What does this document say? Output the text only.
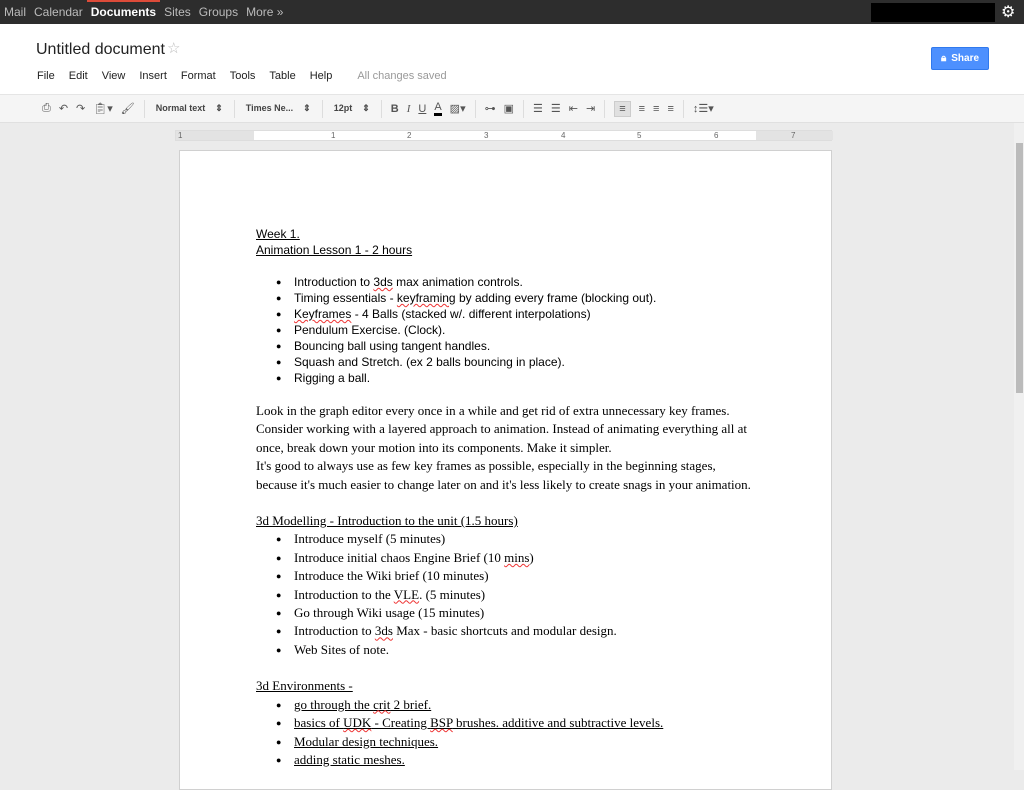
Mail Calendar Documents Sites Groups More »	⚙
Untitled document ☆
File Edit View Insert Format Tools Table Help All changes saved
🔒︎ Share
⎙ ↶ ↷ 📋︎▾ 🖌︎ Normal text ⇕	Times Ne... ⇕	12pt ⇕ B I U A ▨▾ ⊶ ▣ ☰ ☰ ⇤ ⇥	≡	≡ ≡ ≡ ↕☰▾
1	1	2	3	4	5	6	7

Week 1.

Animation Lesson 1 - 2 hours

● Introduction to 3ds max animation controls.
● Timing essentials - keyframing by adding every frame (blocking out).
● Keyframes - 4 Balls (stacked w/. different interpolations)
● Pendulum Exercise. (Clock).
● Bouncing ball using tangent handles.
● Squash and Stretch. (ex 2 balls bouncing in place).
● Rigging a ball.

Look in the graph editor every once in a while and get rid of extra unnecessary key frames.

Consider working with a layered approach to animation. Instead of animating everything all at once, break down your motion into its components. Make it simpler.

It's good to always use as few key frames as possible, especially in the beginning stages, because it's much easier to change later on and it's less likely to create snags in your animation.

3d Modelling - Introduction to the unit (1.5 hours)

● Introduce myself (5 minutes)
● Introduce initial chaos Engine Brief (10 mins)
● Introduce the Wiki brief (10 minutes)
● Introduction to the VLE. (5 minutes)
● Go through Wiki usage (15 minutes)
● Introduction to 3ds Max - basic shortcuts and modular design.
● Web Sites of note.

3d Environments -

● go through the crit 2 brief.
● basics of UDK - Creating BSP brushes. additive and subtractive levels.
● Modular design techniques.
● adding static meshes.
